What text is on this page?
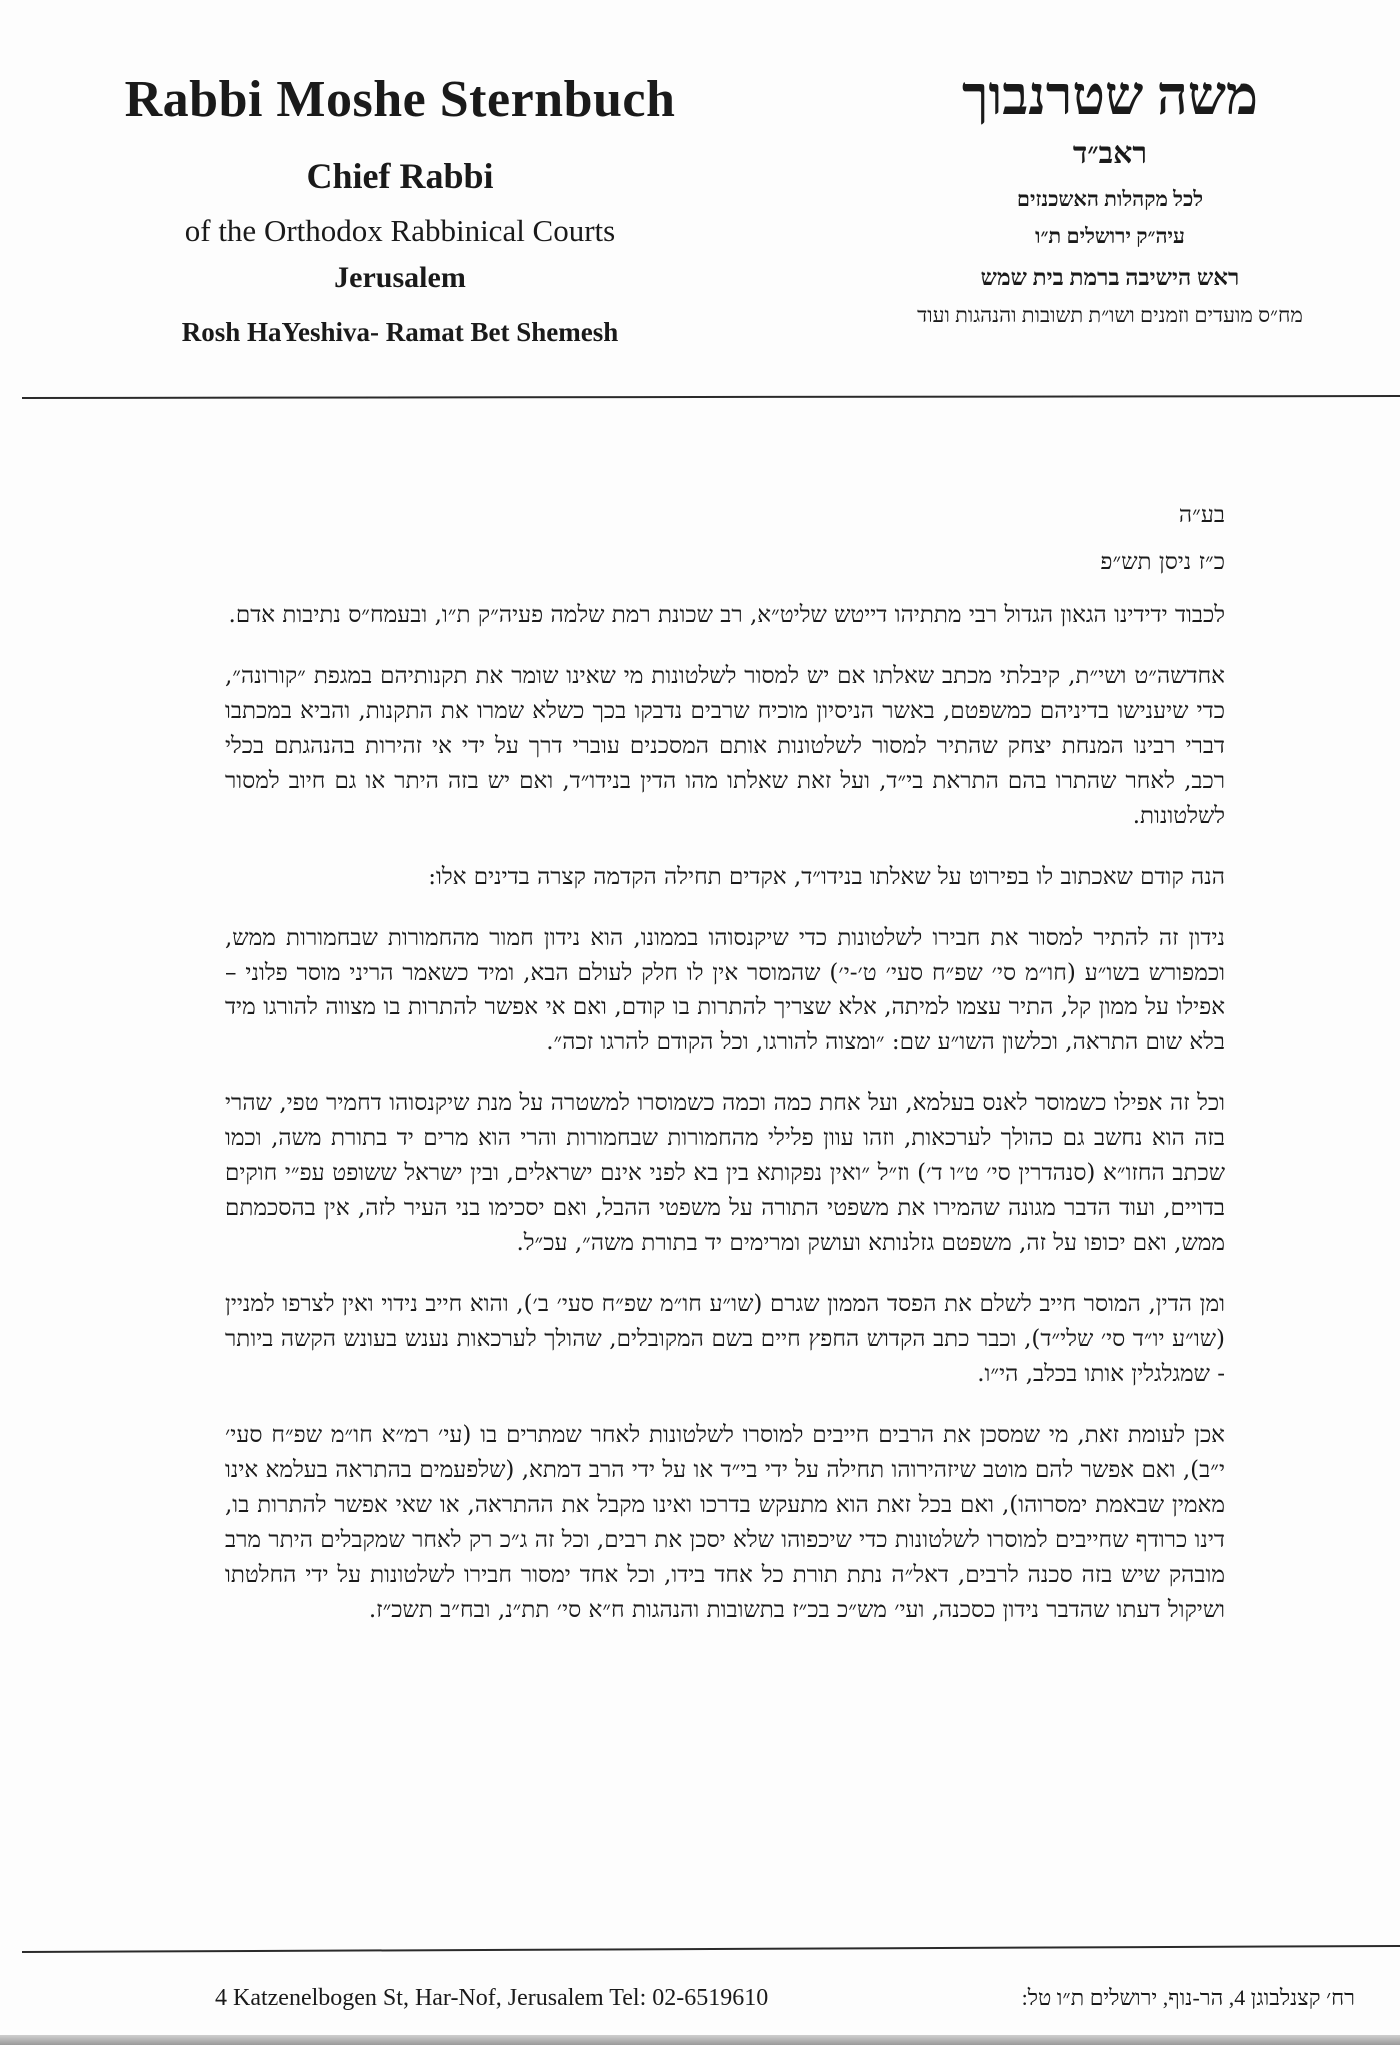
Rabbi Moshe Sternbuch
Chief Rabbi
of the Orthodox Rabbinical Courts
Jerusalem
Rosh HaYeshiva- Ramat Bet Shemesh
משה שטרנבוך
ראב״ד
לכל מקהלות האשכנזים
עיה״ק ירושלים ת״ו
ראש הישיבה ברמת בית שמש
מח״ס מועדים וזמנים ושו״ת תשובות והנהגות ועוד
בע״ה
כ״ז ניסן תש״פ

לכבוד ידידינו הגאון הגדול רבי מתתיהו דייטש שליט״א, רב שכונת רמת שלמה פעיה״ק ת״ו, ובעמח״ס נתיבות אדם.

אחדשה״ט ושי״ת, קיבלתי מכתב שאלתו אם יש למסור לשלטונות מי שאינו שומר את תקנותיהם במגפת ״קורונה״, כדי שיענישו בדיניהם כמשפטם, באשר הניסיון מוכיח שרבים נדבקו בכך כשלא שמרו את התקנות, והביא במכתבו דברי רבינו המנחת יצחק שהתיר למסור לשלטונות אותם המסכנים עוברי דרך על ידי אי זהירות בהנהגתם בכלי רכב, לאחר שהתרו בהם התראת בי״ד, ועל זאת שאלתו מהו הדין בנידו״ד, ואם יש בזה היתר או גם חיוב למסור לשלטונות.

הנה קודם שאכתוב לו בפירוט על שאלתו בנידו״ד, אקדים תחילה הקדמה קצרה בדינים אלו:

נידון זה להתיר למסור את חבירו לשלטונות כדי שיקנסוהו בממונו, הוא נידון חמור מהחמורות שבחמורות ממש, וכמפורש בשו״ע (חו״מ סי׳ שפ״ח סעי׳ ט׳-י׳) שהמוסר אין לו חלק לעולם הבא, ומיד כשאמר הריני מוסר פלוני – אפילו על ממון קל, התיר עצמו למיתה, אלא שצריך להתרות בו קודם, ואם אי אפשר להתרות בו מצווה להורגו מיד בלא שום התראה, וכלשון השו״ע שם: ״ומצוה להורגו, וכל הקודם להרגו זכה״.

וכל זה אפילו כשמוסר לאנס בעלמא, ועל אחת כמה וכמה כשמוסרו למשטרה על מנת שיקנסוהו דחמיר טפי, שהרי בזה הוא נחשב גם כהולך לערכאות, וזהו עוון פלילי מהחמורות שבחמורות והרי הוא מרים יד בתורת משה, וכמו שכתב החזו״א (סנהדרין סי׳ ט״ו ד׳) וז״ל ״ואין נפקותא בין בא לפני אינם ישראלים, ובין ישראל ששופט עפ״י חוקים בדויים, ועוד הדבר מגונה שהמירו את משפטי התורה על משפטי ההבל, ואם יסכימו בני העיר לזה, אין בהסכמתם ממש, ואם יכופו על זה, משפטם גזלנותא ועושק ומרימים יד בתורת משה״, עכ״ל.

ומן הדין, המוסר חייב לשלם את הפסד הממון שגרם (שו״ע חו״מ שפ״ח סעי׳ ב׳), והוא חייב נידוי ואין לצרפו למניין (שו״ע יו״ד סי׳ שלי״ד), וכבר כתב הקדוש החפץ חיים בשם המקובלים, שהולך לערכאות נענש בעונש הקשה ביותר - שמגלגלין אותו בכלב, הי״ו.

אכן לעומת זאת, מי שמסכן את הרבים חייבים למוסרו לשלטונות לאחר שמתרים בו (עי׳ רמ״א חו״מ שפ״ח סעי׳ י״ב), ואם אפשר להם מוטב שיזהירוהו תחילה על ידי בי״ד או על ידי הרב דמתא, (שלפעמים בהתראה בעלמא אינו מאמין שבאמת ימסרוהו), ואם בכל זאת הוא מתעקש בדרכו ואינו מקבל את ההתראה, או שאי אפשר להתרות בו, דינו כרודף שחייבים למוסרו לשלטונות כדי שיכפוהו שלא יסכן את רבים, וכל זה ג״כ רק לאחר שמקבלים היתר מרב מובהק שיש בזה סכנה לרבים, דאל״ה נתת תורת כל אחד בידו, וכל אחד ימסור חבירו לשלטונות על ידי החלטתו ושיקול דעתו שהדבר נידון כסכנה, ועי׳ מש״כ בכ״ז בתשובות והנהגות ח״א סי׳ תת״נ, ובח״ב תשכ״ז.

4 Katzenelbogen St, Har-Nof, Jerusalem Tel: 02-6519610	רח׳ קצנלבוגן 4, הר-נוף, ירושלים ת״ו טל:
